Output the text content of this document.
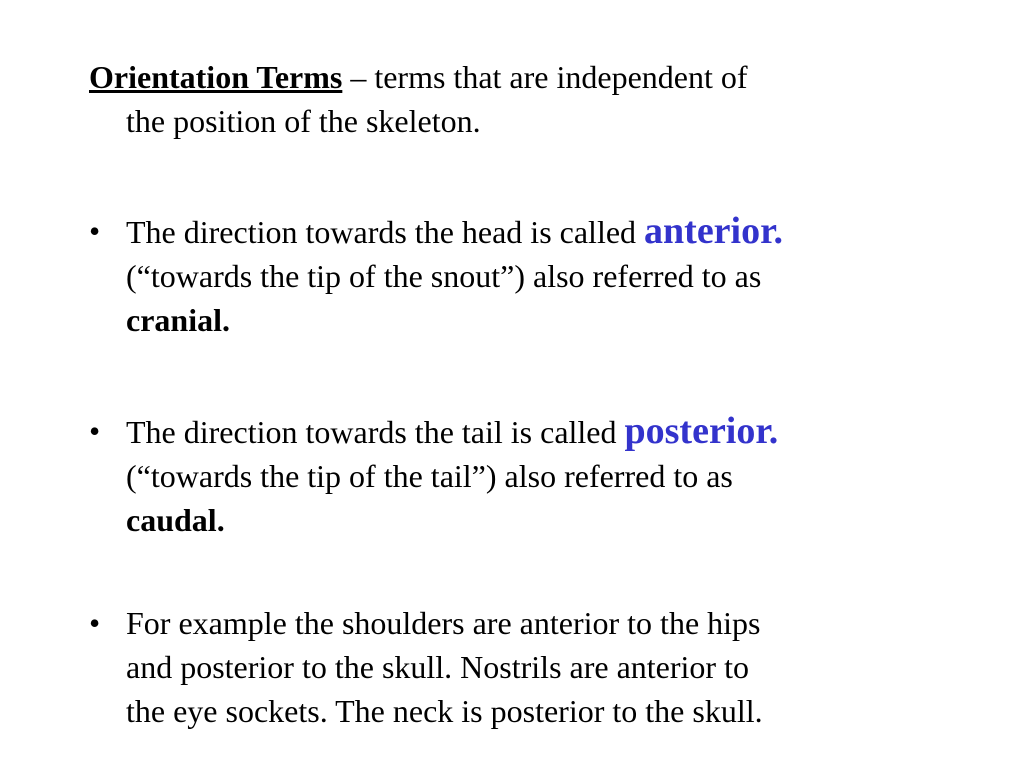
Orientation Terms – terms that are independent of
the position of the skeleton.
• The direction towards the head is called anterior.
(“towards the tip of the snout”) also referred to as
cranial.
• The direction towards the tail is called posterior.
(“towards the tip of the tail”) also referred to as
caudal.
• For example the shoulders are anterior to the hips
and posterior to the skull. Nostrils are anterior to
the eye sockets. The neck is posterior to the skull.
